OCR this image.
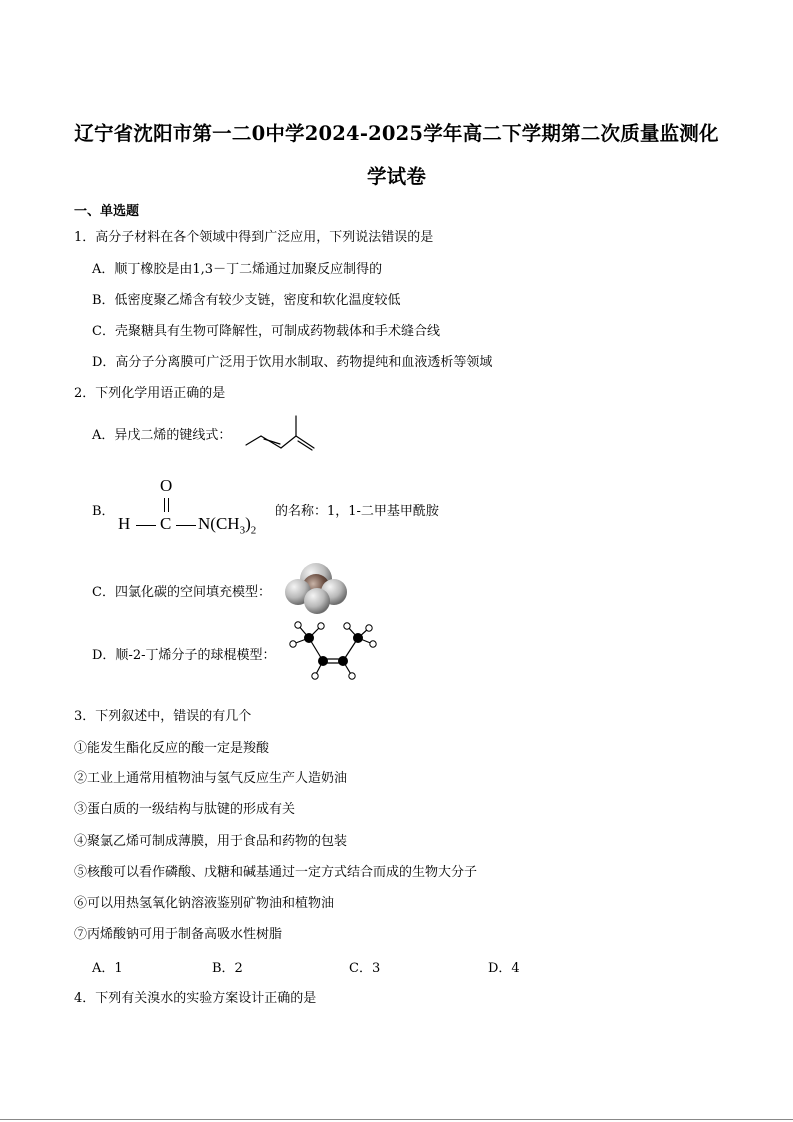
辽宁省沈阳市第一二0中学2024-2025学年高二下学期第二次质量监测化
学试卷
一、单选题
1．高分子材料在各个领域中得到广泛应用，下列说法错误的是
A．顺丁橡胶是由1,3－丁二烯通过加聚反应制得的
B．低密度聚乙烯含有较少支链，密度和软化温度较低
C．壳聚糖具有生物可降解性，可制成药物载体和手术缝合线
D．高分子分离膜可广泛用于饮用水制取、药物提纯和血液透析等领域
2．下列化学用语正确的是
A．异戊二烯的键线式：
B．
O
H C $N(CH_3)_2$
的名称：1，1-二甲基甲酰胺
C．四氯化碳的空间填充模型：
D．顺-2-丁烯分子的球棍模型：
3．下列叙述中，错误的有几个
①能发生酯化反应的酸一定是羧酸
②工业上通常用植物油与氢气反应生产人造奶油
③蛋白质的一级结构与肽键的形成有关
④聚氯乙烯可制成薄膜，用于食品和药物的包装
⑤核酸可以看作磷酸、戊糖和碱基通过一定方式结合而成的生物大分子
⑥可以用热氢氧化钠溶液鉴别矿物油和植物油
⑦丙烯酸钠可用于制备高吸水性树脂
A．1	B．2	C．3	D．4
4．下列有关溴水的实验方案设计正确的是
